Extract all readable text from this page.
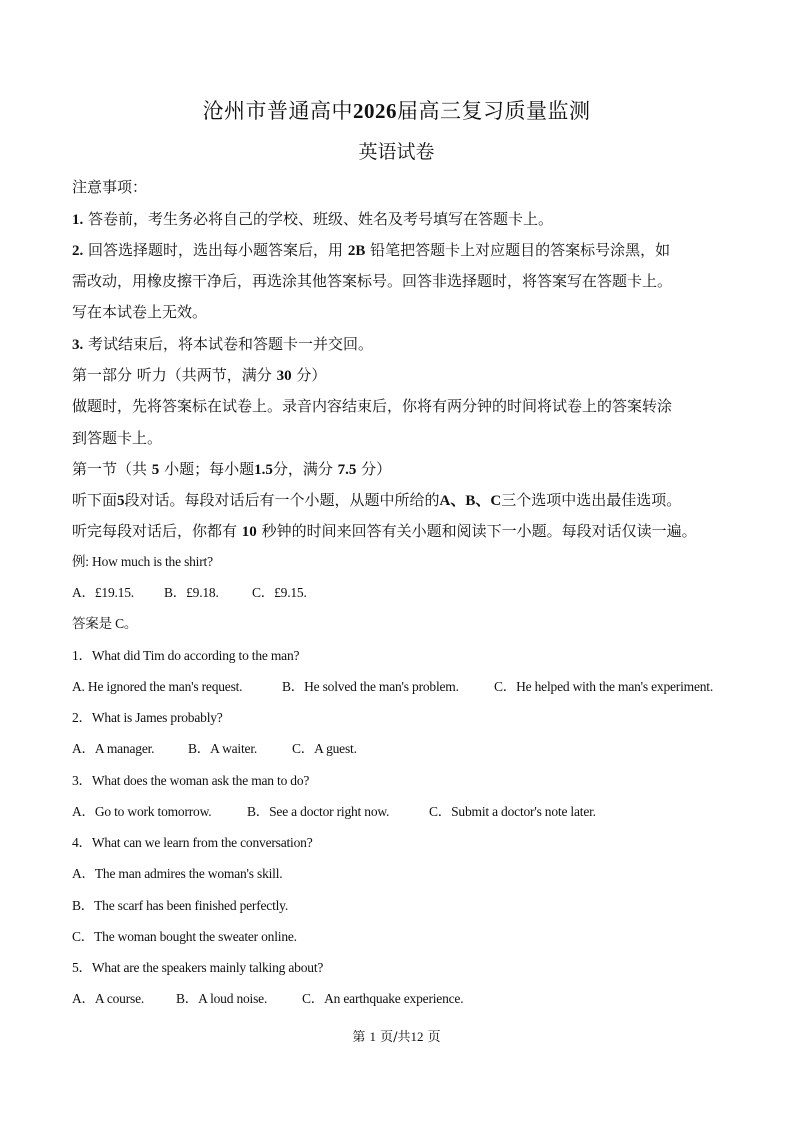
沧州市普通高中2026届高三复习质量监测
英语试卷
注意事项：
1. 答卷前，考生务必将自己的学校、班级、姓名及考号填写在答题卡上。
2. 回答选择题时，选出每小题答案后，用 2B 铅笔把答题卡上对应题目的答案标号涂黑，如
需改动，用橡皮擦干净后，再选涂其他答案标号。回答非选择题时，将答案写在答题卡上。
写在本试卷上无效。
3. 考试结束后，将本试卷和答题卡一并交回。
第一部分 听力（共两节，满分 30 分）
做题时，先将答案标在试卷上。录音内容结束后，你将有两分钟的时间将试卷上的答案转涂
到答题卡上。
第一节（共 5 小题；每小题1.5分，满分 7.5 分）
听下面5段对话。每段对话后有一个小题，从题中所给的A、B、C三个选项中选出最佳选项。
听完每段对话后，你都有 10 秒钟的时间来回答有关小题和阅读下一小题。每段对话仅读一遍。
例: How much is the shirt?
A．£19.15. B．£9.18. C．£9.15.
答案是 C。
1．What did Tim do according to the man?
A. He ignored the man's request.	B．He solved the man's problem.	C．He helped with the man's experiment.
2．What is James probably?
A．A manager. B．A waiter.	C．A guest.
3．What does the woman ask the man to do?
A．Go to work tomorrow.	B．See a doctor right now.	C．Submit a doctor's note later.
4．What can we learn from the conversation?
A．The man admires the woman's skill.
B．The scarf has been finished perfectly.
C．The woman bought the sweater online.
5．What are the speakers mainly talking about?
A．A course. B．A loud noise.	C．An earthquake experience.
第 1 页/共12 页
